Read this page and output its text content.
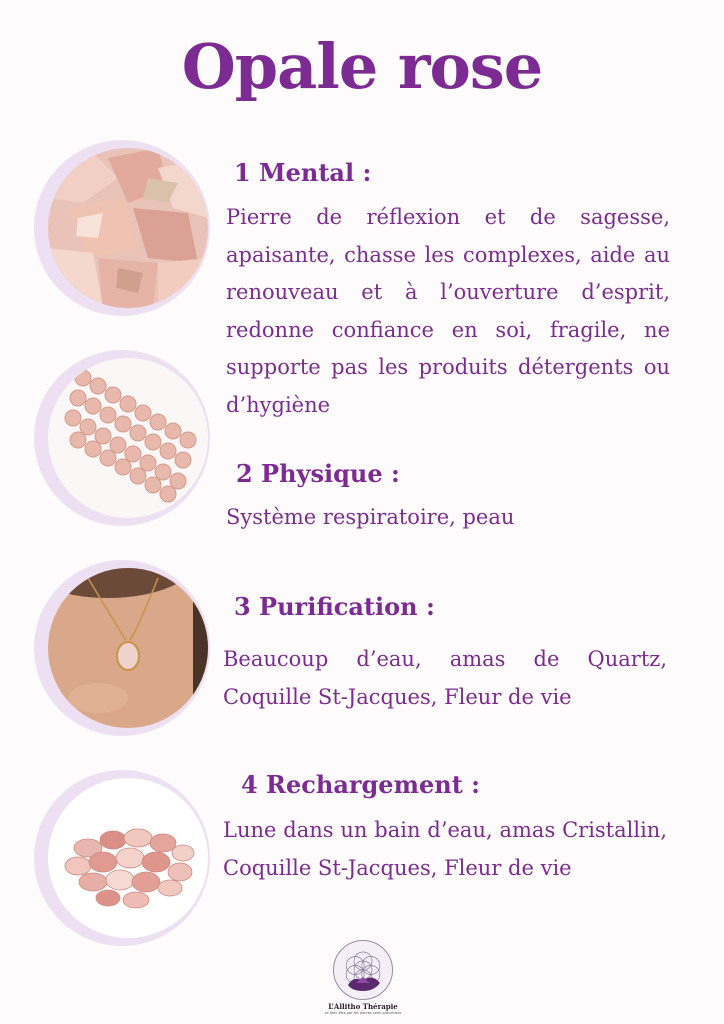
Opale rose
1 Mental :
Pierre de réflexion et de sagesse, apaisante, chasse les complexes, aide au renouveau et à l’ouverture d’esprit, redonne confiance en soi, fragile, ne supporte pas les produits détergents ou d’hygiène
2 Physique :
Système respiratoire, peau
3 Purification :
Beaucoup d’eau, amas de Quartz, Coquille St-Jacques, Fleur de vie
4 Rechargement :
Lune dans un bain d’eau, amas Cristallin, Coquille St-Jacques, Fleur de vie
L’Allitho Thérapie
Le bien-être par les pierres semi-précieuses
